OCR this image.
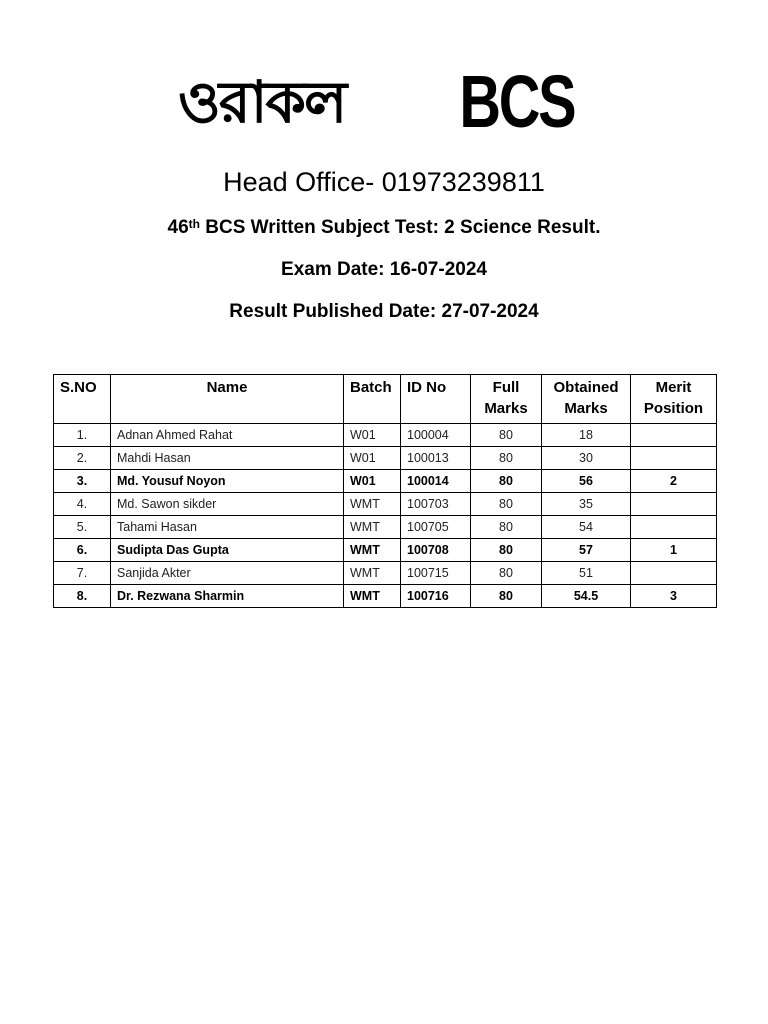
ওরাকল BCS
Head Office- 01973239811
46th BCS Written Subject Test: 2 Science Result.
Exam Date: 16-07-2024
Result Published Date: 27-07-2024
S.NO	Name	Batch	ID No	Full Marks	Obtained Marks	Merit Position
1.	Adnan Ahmed Rahat	W01	100004	80	18	
2.	Mahdi Hasan	W01	100013	80	30	
3.	Md. Yousuf Noyon	W01	100014	80	56	2
4.	Md. Sawon sikder	WMT	100703	80	35	
5.	Tahami Hasan	WMT	100705	80	54	
6.	Sudipta Das Gupta	WMT	100708	80	57	1
7.	Sanjida Akter	WMT	100715	80	51	
8.	Dr. Rezwana Sharmin	WMT	100716	80	54.5	3
